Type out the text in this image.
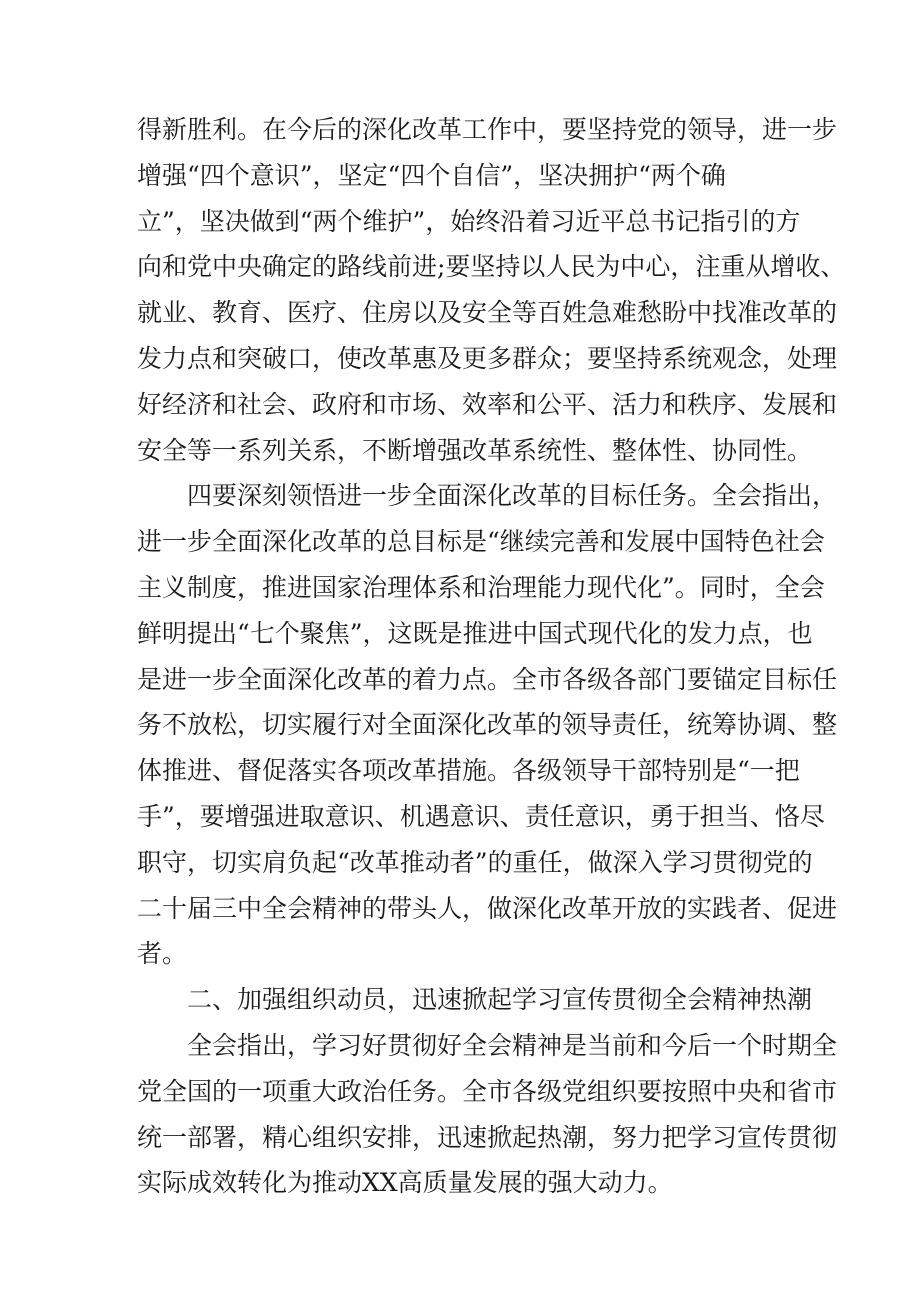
得新胜利。在今后的深化改革工作中，要坚持党的领导，进一步
增强“四个意识”，坚定“四个自信”，坚决拥护“两个确
立”，坚决做到“两个维护”，始终沿着习近平总书记指引的方
向和党中央确定的路线前进;要坚持以人民为中心，注重从增收、
就业、教育、医疗、住房以及安全等百姓急难愁盼中找准改革的
发力点和突破口，使改革惠及更多群众；要坚持系统观念，处理
好经济和社会、政府和市场、效率和公平、活力和秩序、发展和
安全等一系列关系，不断增强改革系统性、整体性、协同性。
四要深刻领悟进一步全面深化改革的目标任务。全会指出，
进一步全面深化改革的总目标是“继续完善和发展中国特色社会
主义制度，推进国家治理体系和治理能力现代化”。同时，全会
鲜明提出“七个聚焦”，这既是推进中国式现代化的发力点，也
是进一步全面深化改革的着力点。全市各级各部门要锚定目标任
务不放松，切实履行对全面深化改革的领导责任，统筹协调、整
体推进、督促落实各项改革措施。各级领导干部特别是“一把
手”，要增强进取意识、机遇意识、责任意识，勇于担当、恪尽
职守，切实肩负起“改革推动者”的重任，做深入学习贯彻党的
二十届三中全会精神的带头人，做深化改革开放的实践者、促进
者。
二、加强组织动员，迅速掀起学习宣传贯彻全会精神热潮
全会指出，学习好贯彻好全会精神是当前和今后一个时期全
党全国的一项重大政治任务。全市各级党组织要按照中央和省市
统一部署，精心组织安排，迅速掀起热潮，努力把学习宣传贯彻
实际成效转化为推动XX高质量发展的强大动力。
